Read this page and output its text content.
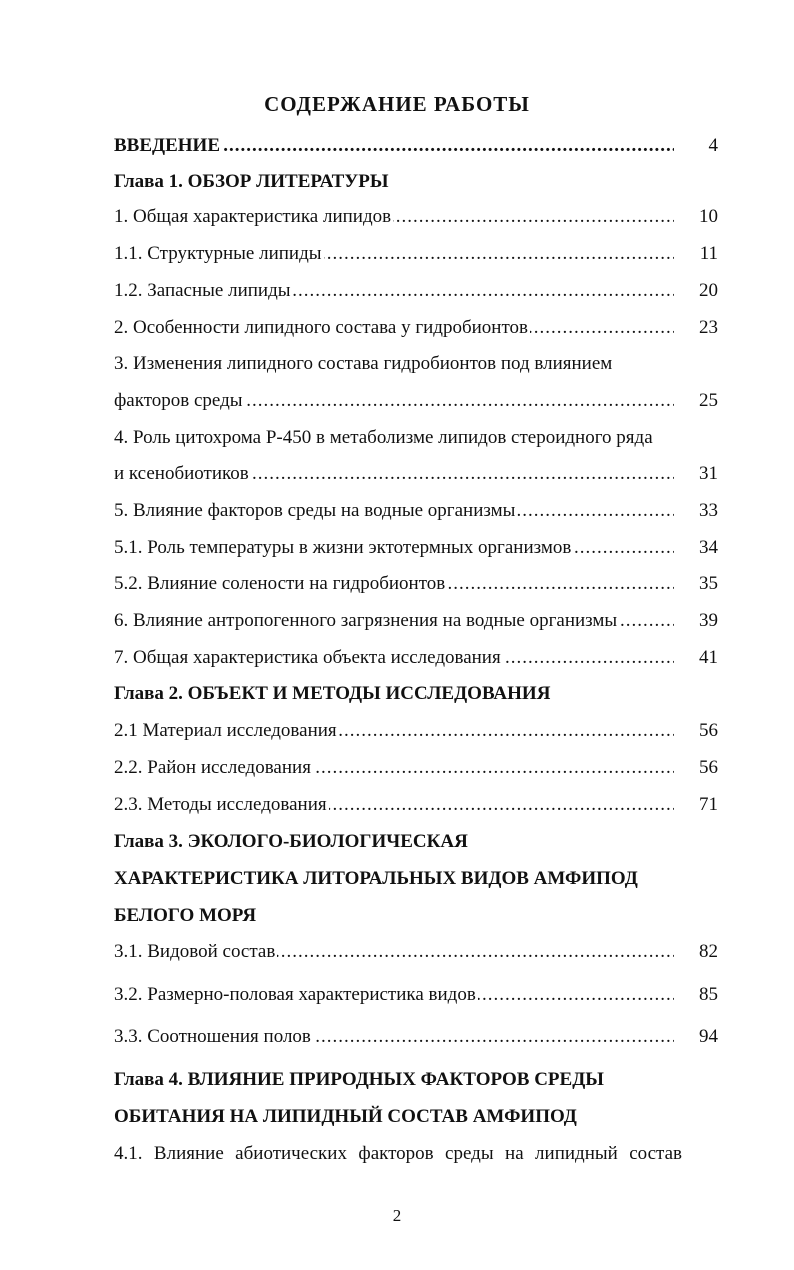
СОДЕРЖАНИЕ РАБОТЫ
ВВЕДЕНИЕ .....	4
Глава 1. ОБЗОР ЛИТЕРАТУРЫ
1. Общая характеристика липидов .....	10
1.1. Структурные липиды .....	11
1.2. Запасные липиды .....	20
2. Особенности липидного состава у гидробионтов .....	23
3. Изменения липидного состава гидробионтов под влиянием
факторов среды .....	25
4. Роль цитохрома Р-450 в метаболизме липидов стероидного ряда
и ксенобиотиков .....	31
5. Влияние факторов среды на водные организмы .....	33
5.1. Роль температуры в жизни эктотермных организмов .....	34
5.2. Влияние солености на гидробионтов .....	35
6. Влияние антропогенного загрязнения на водные организмы .....	39
7. Общая характеристика объекта исследования .....	41
Глава 2. ОБЪЕКТ И МЕТОДЫ ИССЛЕДОВАНИЯ
2.1 Материал исследования .....	56
2.2. Район исследования .....	56
2.3. Методы исследования .....	71
Глава 3. ЭКОЛОГО-БИОЛОГИЧЕСКАЯ
ХАРАКТЕРИСТИКА ЛИТОРАЛЬНЫХ ВИДОВ АМФИПОД
БЕЛОГО МОРЯ
3.1. Видовой состав .....	82
3.2. Размерно-половая характеристика видов .....	85
3.3. Соотношения полов .....	94
Глава 4. ВЛИЯНИЕ ПРИРОДНЫХ ФАКТОРОВ СРЕДЫ
ОБИТАНИЯ НА ЛИПИДНЫЙ СОСТАВ АМФИПОД
4.1. Влияние абиотических факторов среды на липидный состав
2
